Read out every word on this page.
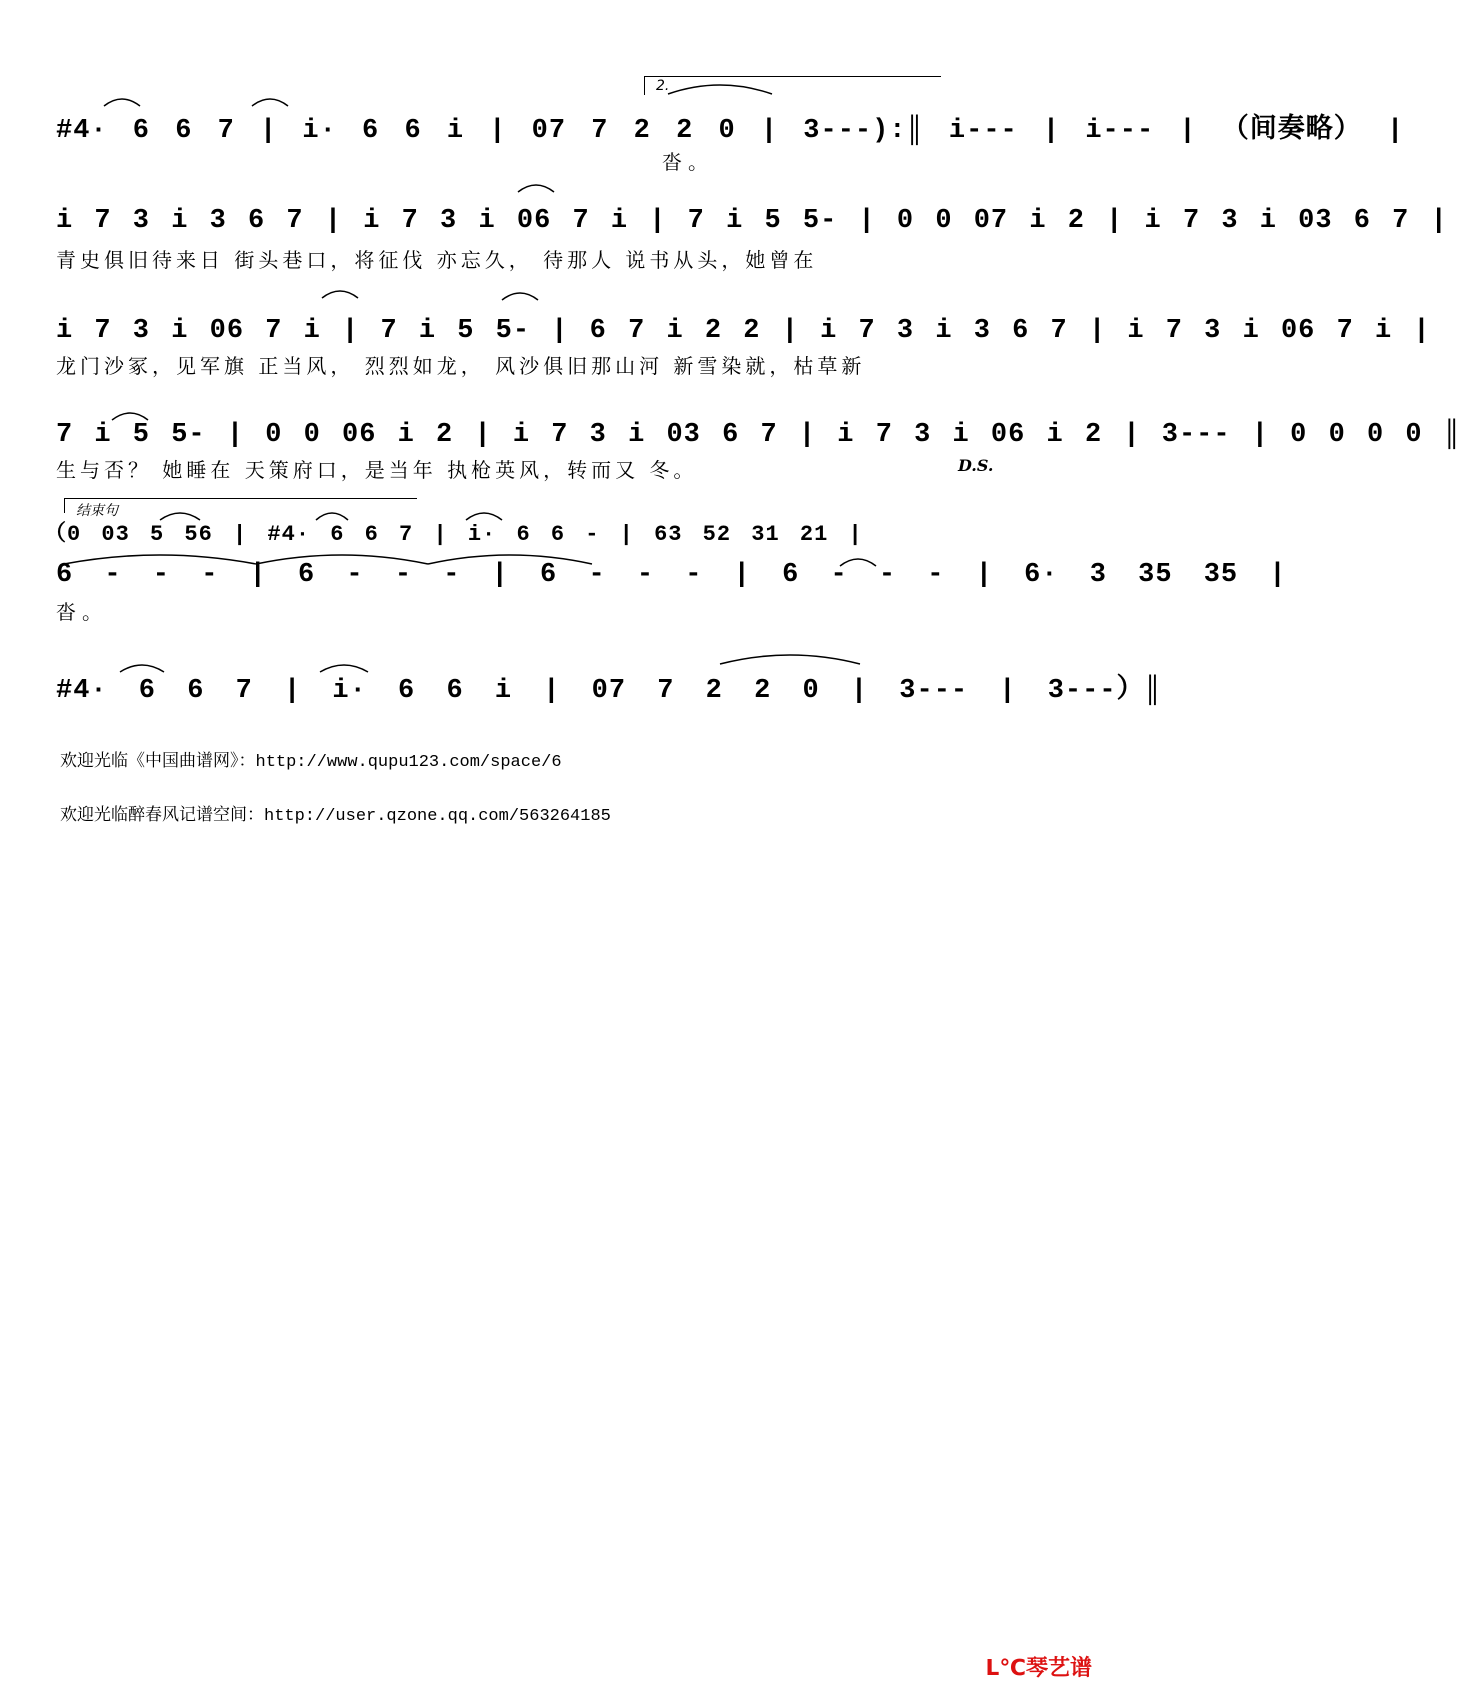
#4· 6 6 7 | i· 6 6 i | 07 7 2 2 0 | 3---):║ i--- | i--- | （间奏略） |
2.
沓。
i 7 3 i 3 6 7 | i 7 3 i 06 7 i | 7 i 5 5- | 0 0 07 i 2 | i 7 3 i 03 6 7 |
青史俱旧待来日 街头巷口，将征伐 亦忘久， 待那人 说书从头，她曾在
i 7 3 i 06 7 i | 7 i 5 5- | 6 7 i 2 2 | i 7 3 i 3 6 7 | i 7 3 i 06 7 i |
龙门沙冢，见军旗 正当风， 烈烈如龙， 风沙俱旧那山河 新雪染就，枯草新
7 i 5 5- | 0 0 06 i 2 | i 7 3 i 03 6 7 | i 7 3 i 06 i 2 | 3--- | 0 0 0 0 ║
生与否？ 她睡在 天策府口，是当年 执枪英风，转而又 冬。	D.S.
结束句
（0 03 5 56 | #4· 6 6 7 | i· 6 6 - | 63 52 31 21 |
6 - - - | 6 - - - | 6 - - - | 6 - - - | 6· 3 35 35 |
沓。
#4· 6 6 7 | i· 6 6 i | 07 7 2 2 0 | 3--- | 3---）║
欢迎光临《中国曲谱网》：http://www.qupu123.com/space/6
欢迎光临醉春风记谱空间：http://user.qzone.qq.com/563264185
ᒪ℃琴艺谱
